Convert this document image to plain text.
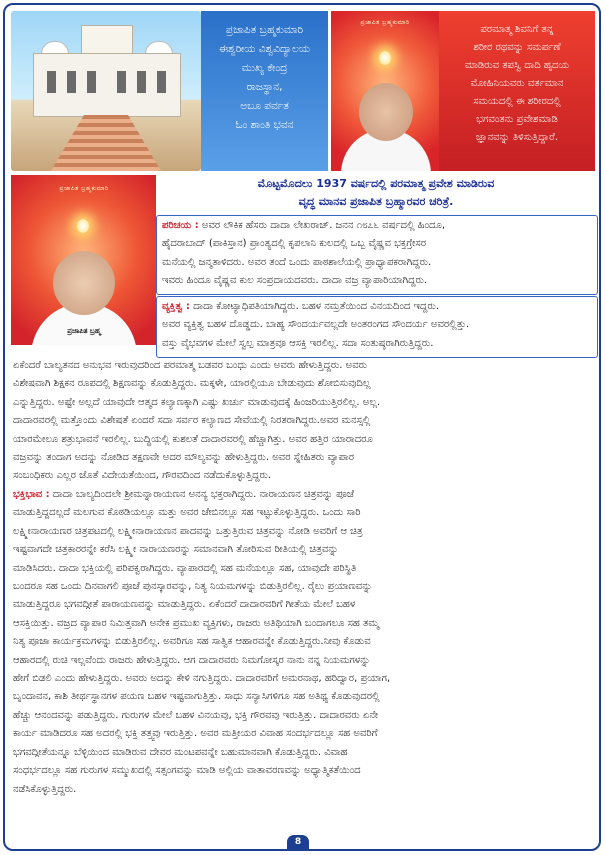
ಪ್ರಜಾಪಿತ ಬ್ರಹ್ಮಕುಮಾರಿ
ಈಶ್ವರೀಯ ವಿಶ್ವವಿದ್ಯಾಲಯ
ಮುಖ್ಯ ಕೇಂದ್ರ
ರಾಜಸ್ಥಾನ,
ಅಬೂ ಪರ್ವತ
ಓಂ ಶಾಂತಿ ಭವನ
ಪ್ರಜಾಪಿತ ಬ್ರಹ್ಮಕುಮಾರಿ
ಪರಮಾತ್ಮ ಶಿವನಿಗೆ ತನ್ನ
ಶರೀರ ರಥವನ್ನು ಸಮರ್ಪಣೆ
ಮಾಡಿರುವ ತಪಸ್ವಿ ದಾದಿ ಹೃದಯ
ಮೋಹಿನಿಯವರು ವರ್ತಮಾನ
ಸಮಯದಲ್ಲಿ ಈ ಶರೀರದಲ್ಲಿ
ಭಗವಂತನು ಪ್ರವೇಶಮಾಡಿ
ಜ್ಞಾನವನ್ನು ತಿಳಿಸುತ್ತಿದ್ದಾರೆ.
ಪ್ರಜಾಪಿತ ಬ್ರಹ್ಮಕುಮಾರಿ
ಪ್ರಜಾಪಿತ ಬ್ರಹ್ಮ
ಮೊಟ್ಟಮೊದಲು 1937 ವರ್ಷದಲ್ಲಿ ಪರಮಾತ್ಮ ಪ್ರವೇಶ ಮಾಡಿರುವ
ವೃದ್ಧ ಮಾನವ ಪ್ರಜಾಪಿತ ಬ್ರಹ್ಮಾರವರ ಚರಿತ್ರೆ.
ಪರಿಚಯ : ಅವರ ಲೌಕಿಕ ಹೆಸರು ದಾದಾ ಲೇಖರಾಜ್. ಜನನ ೧೮೭೬ ವರ್ಷದಲ್ಲಿ ಹಿಂದೂ,
ಹೈದರಾಬಾದ್ (ಪಾಕಿಸ್ತಾನ) ಪ್ರಾಂತ್ಯದಲ್ಲಿ ಕೃಪಲಾನಿ ಕುಲದಲ್ಲಿ ಒಬ್ಬ ವೈಷ್ಣವ ಭಕ್ತಗ್ರೇಸರ
ಮನೆಯಲ್ಲಿ ಜನ್ಮತಾಳಿದರು. ಅವರ ತಂದೆ ಒಂದು ಪಾಠಶಾಲೆಯಲ್ಲಿ ಪ್ರಾಧ್ಯಾಪಕರಾಗಿದ್ದರು.
ಇವರು ಹಿಂದೂ ವೈಷ್ಣವ ಕುಲ ಸಂಪ್ರದಾಯದವರು. ದಾದಾ ವಜ್ರ ವ್ಯಾಪಾರಿಯಾಗಿದ್ದರು.
ವ್ಯಕ್ತಿತ್ವ : ದಾದಾ ಕೋಟ್ಯಾಧಿಪತಿಯಾಗಿದ್ದರು. ಬಹಳ ನಮ್ರತೆಯಿಂದ ವಿನಯದಿಂದ ಇದ್ದರು.
ಅವರ ವ್ಯಕ್ತಿತ್ವ ಬಹಳ ದೊಡ್ಡದು. ಬಾಹ್ಯ ಸೌಂದರ್ಯವಲ್ಲದೇ ಅಂತರಂಗದ ಸೌಂದರ್ಯ ಅವರಲ್ಲಿತ್ತು.
ವಸ್ತು ವೈಭವಗಳ ಮೇಲೆ ಸ್ವಲ್ಪ ಮಾತ್ರವೂ ಆಸಕ್ತಿ ಇರಲಿಲ್ಲ. ಸದಾ ಸಂತುಷ್ಠರಾಗಿರುತ್ತಿದ್ದರು.
ಏಕೆಂದರೆ ಬಾಲ್ಯತನದ ಅನುಭವ ಇರುವುದರಿಂದ ಪರಮಾತ್ಮ ಬಡವರ ಬಂಧು ಎಂದು ಅವರು ಹೇಳುತ್ತಿದ್ದರು. ಅವರು
ವಿಶೇಷವಾಗಿ ಶಿಕ್ಷಕನ ರೂಪದಲ್ಲಿ ಶಿಕ್ಷಣವನ್ನು ಕೊಡುತ್ತಿದ್ದರು. ಮಕ್ಕಳೇ, ಯಾರಲ್ಲಿಯೂ ಬೇಡುವುದು ಶೋಬಿಸುವುದಿಲ್ಲ
ಎನ್ನುತ್ತಿದ್ದರು. ಅಷ್ಟೇ ಅಲ್ಲದೆ ಯಾವುದೇ ಆತ್ಮದ ಕಲ್ಯಾಣಕ್ಕಾಗಿ ಎಷ್ಟು ಖರ್ಚು ಮಾಡುವುದಕ್ಕೆ ಹಿಂಜರಿಯುತ್ತಿರಲಿಲ್ಲ. ಅಲ್ಲ.
ದಾದಾರವರಲ್ಲಿ ಮತ್ತೊಂದು ವಿಶೇಷತೆ ಏಂದರೆ ಸದಾ ಸರ್ವರ ಕಲ್ಯಾಣದ ಸೇವೆಯಲ್ಲಿ ನಿರತರಾಗಿದ್ದರು.ಅವರ ಮನಸ್ಸಲ್ಲಿ
ಯಾರಮೇಲೂ ಶತ್ರುಭಾವನೆ ಇರಲಿಲ್ಲ. ಬುದ್ಧಿಯಲ್ಲಿ ಕುಶಲತೆ ದಾದಾರವರಲ್ಲಿ ಹೆಚ್ಚಾಗಿತ್ತು. ಅವರ ಹತ್ತಿರ ಯಾರಾದರೂ
ವಜ್ರವನ್ನು ತಂದಾಗ ಅದನ್ನು ನೋಡಿದ ತಕ್ಷಣವೇ ಅದರ ಮೌಲ್ಯವನ್ನು ಹೇಳುತ್ತಿದ್ದರು. ಅವರ ಸ್ನೇಹಿತರು ವ್ಯಾಪಾರ
ಸಂಬಂಧಿಕರು ಎಲ್ಲರ ಜೊತೆ ವಿದೇಯತೆಯಿಂದ, ಗೌರವದಿಂದ ನಡೆದುಕೊಳ್ಳುತ್ತಿದ್ದರು.
ಭಕ್ತಿಭಾವ : ದಾದಾ ಬಾಲ್ಯದಿಂದಲೇ ಶ್ರೀಮನ್ನಾರಾಯಣನ ಅನನ್ಯ ಭಕ್ತರಾಗಿದ್ದರು. ನಾರಾಯಣನ ಚಿತ್ರವನ್ನು ಪೂಜೆ
ಮಾಡುತ್ತಿದ್ದದಲ್ಲದೆ ಮಲಗುವ ಕೊಠಡಿಯಲ್ಲೂ ಮತ್ತು ಅವರ ಜೇಬಿನಲ್ಲೂ ಸಹ ಇಟ್ಟುಕೊಳ್ಳುತ್ತಿದ್ದರು. ಒಂದು ಸಾರಿ
ಲಕ್ಷ್ಮೀನಾರಾಯಣರ ಚಿತ್ರಪಟದಲ್ಲಿ ಲಕ್ಷ್ಮೀನಾರಾಯಣನ ಪಾದವನ್ನು ಒತ್ತುತ್ತಿರುವ ಚಿತ್ರವನ್ನು ನೋಡಿ ಅವರಿಗೆ ಆ ಚಿತ್ರ
ಇಷ್ಟವಾಗದೇ ಚಿತ್ರಕಾರರನ್ನೇ ಕರೆಸಿ ಲಕ್ಷ್ಮೀ ನಾರಾಯಣರನ್ನು ಸಮಾನವಾಗಿ ತೋರಿಸುವ ರೀತಿಯಲ್ಲಿ ಚಿತ್ರವನ್ನು
ಮಾಡಿಸಿದರು. ದಾದಾ ಭಕ್ತಿಯಲ್ಲಿ ಪರಿಪಕ್ವರಾಗಿದ್ದರು. ವ್ಯಾಪಾರದಲ್ಲಿ ಸಹ ಮನೆಯಲ್ಲೂ ಸಹ, ಯಾವುದೇ ಪರಿಸ್ಥಿತಿ
ಬಂದರೂ ಸಹ ಒಂದು ದಿನವಾಗಲಿ ಪೂಜೆ ಪುನಸ್ಕಾರವನ್ನು, ನಿತ್ಯ ನಿಯಮಗಳನ್ನು ಬಿಡುತ್ತಿರಲಿಲ್ಲ. ರೈಲು ಪ್ರಯಾಣವನ್ನು
ಮಾಡುತ್ತಿದ್ದರೂ ಭಗವದ್ಗೀತೆ ಪಾರಾಯಣವನ್ನು ಮಾಡುತ್ತಿದ್ದರು. ಏಕೆಂದರೆ ದಾದಾರವರಿಗೆ ಗೀತೆಯ ಮೇಲೆ ಬಹಳ
ಆಸಕ್ತಿಯಿತ್ತು. ವಜ್ರದ ವ್ಯಾಪಾರ ನಿಮಿತ್ತವಾಗಿ ಅನೇಕ ಪ್ರಮುಖ ವ್ಯಕ್ತಿಗಳು, ರಾಜರು ಅತಿಥಿಯಾಗಿ ಬಂದಾಗಲೂ ಸಹ ತಮ್ಮ
ನಿತ್ಯ ಪೂಜಾ ಕಾರ್ಯಕ್ರಮಗಳನ್ನು ಬಿಡುತ್ತಿರಲಿಲ್ಲ. ಅವರಿಗೂ ಸಹ ಸಾತ್ವಿಕ ಆಹಾರವನ್ನೇ ಕೊಡುತ್ತಿದ್ದರು.ನೀವು ಕೊಡುವ
ಆಹಾರದಲ್ಲಿ ರುಚಿ ಇಲ್ಲವೆಂದು ರಾಜರು ಹೇಳುತ್ತಿದ್ದರು. ಆಗ ದಾದಾರವರು ನಿಮಗೋಸ್ಕರ ನಾನು ನನ್ನ ನಿಯಮಗಳನ್ನು
ಹೇಗೆ ಬಿಡಲಿ ಎಂದು ಹೇಳುತ್ತಿದ್ದರು. ಅವರು ಅದನ್ನು ಕೇಳಿ ನಗುತ್ತಿದ್ದರು. ದಾದಾರವರಿಗೆ ಅಮರನಾಥ, ಹರಿದ್ವಾರ, ಪ್ರಯಾಗ,
ಬೃಂದಾವನ, ಕಾಶಿ ತೀರ್ಥಸ್ಥಾನಗಳ ಪಯಣ ಬಹಳ ಇಷ್ಟವಾಗುತ್ತಿತ್ತು. ಸಾಧು ಸನ್ಯಾಸಿಗಳಿಗೂ ಸಹ ಅತಿಥ್ಯ ಕೊಡುವುದರಲ್ಲಿ
ಹೆಚ್ಚು ಆನಂದವನ್ನು ಪಡುತ್ತಿದ್ದರು. ಗುರುಗಳ ಮೇಲೆ ಬಹಳ ವಿನಯವು, ಭಕ್ತಿ ಗೌರವವು ಇರುತ್ತಿತ್ತು. ದಾದಾರವರು ಏನೇ
ಕಾರ್ಯ ಮಾಡಿದರೂ ಸಹ ಅದರಲ್ಲಿ ಭಕ್ತಿ ತತ್ತ್ವವು ಇರುತ್ತಿತ್ತು. ಅವರ ಮತ್ತೀಯರ ವಿವಾಹ ಸಂದರ್ಭದಲ್ಲೂ ಸಹ ಅವರಿಗೆ
ಭಗವದ್ಗೀತೆಯನ್ನೂ ಬೆಳ್ಳಿಯಿಂದ ಮಾಡಿರುವ ದೇವರ ಮಂಟಪವನ್ನೇ ಬಹುಮಾನವಾಗಿ ಕೊಡುತ್ತಿದ್ದರು. ವಿವಾಹ
ಸಂಧರ್ಭದಲ್ಲೂ ಸಹ ಗುರುಗಳ ಸಮ್ಮುಖದಲ್ಲಿ ಸತ್ಸಂಗವನ್ನು ಮಾಡಿ ಅಲ್ಲಿಯ ವಾತಾವರಣವನ್ನು ಅಧ್ಯಾತ್ಮಿಕತೆಯಿಂದ
ನಡೆಸಿಕೊಳ್ಳುತ್ತಿದ್ದರು.
8
